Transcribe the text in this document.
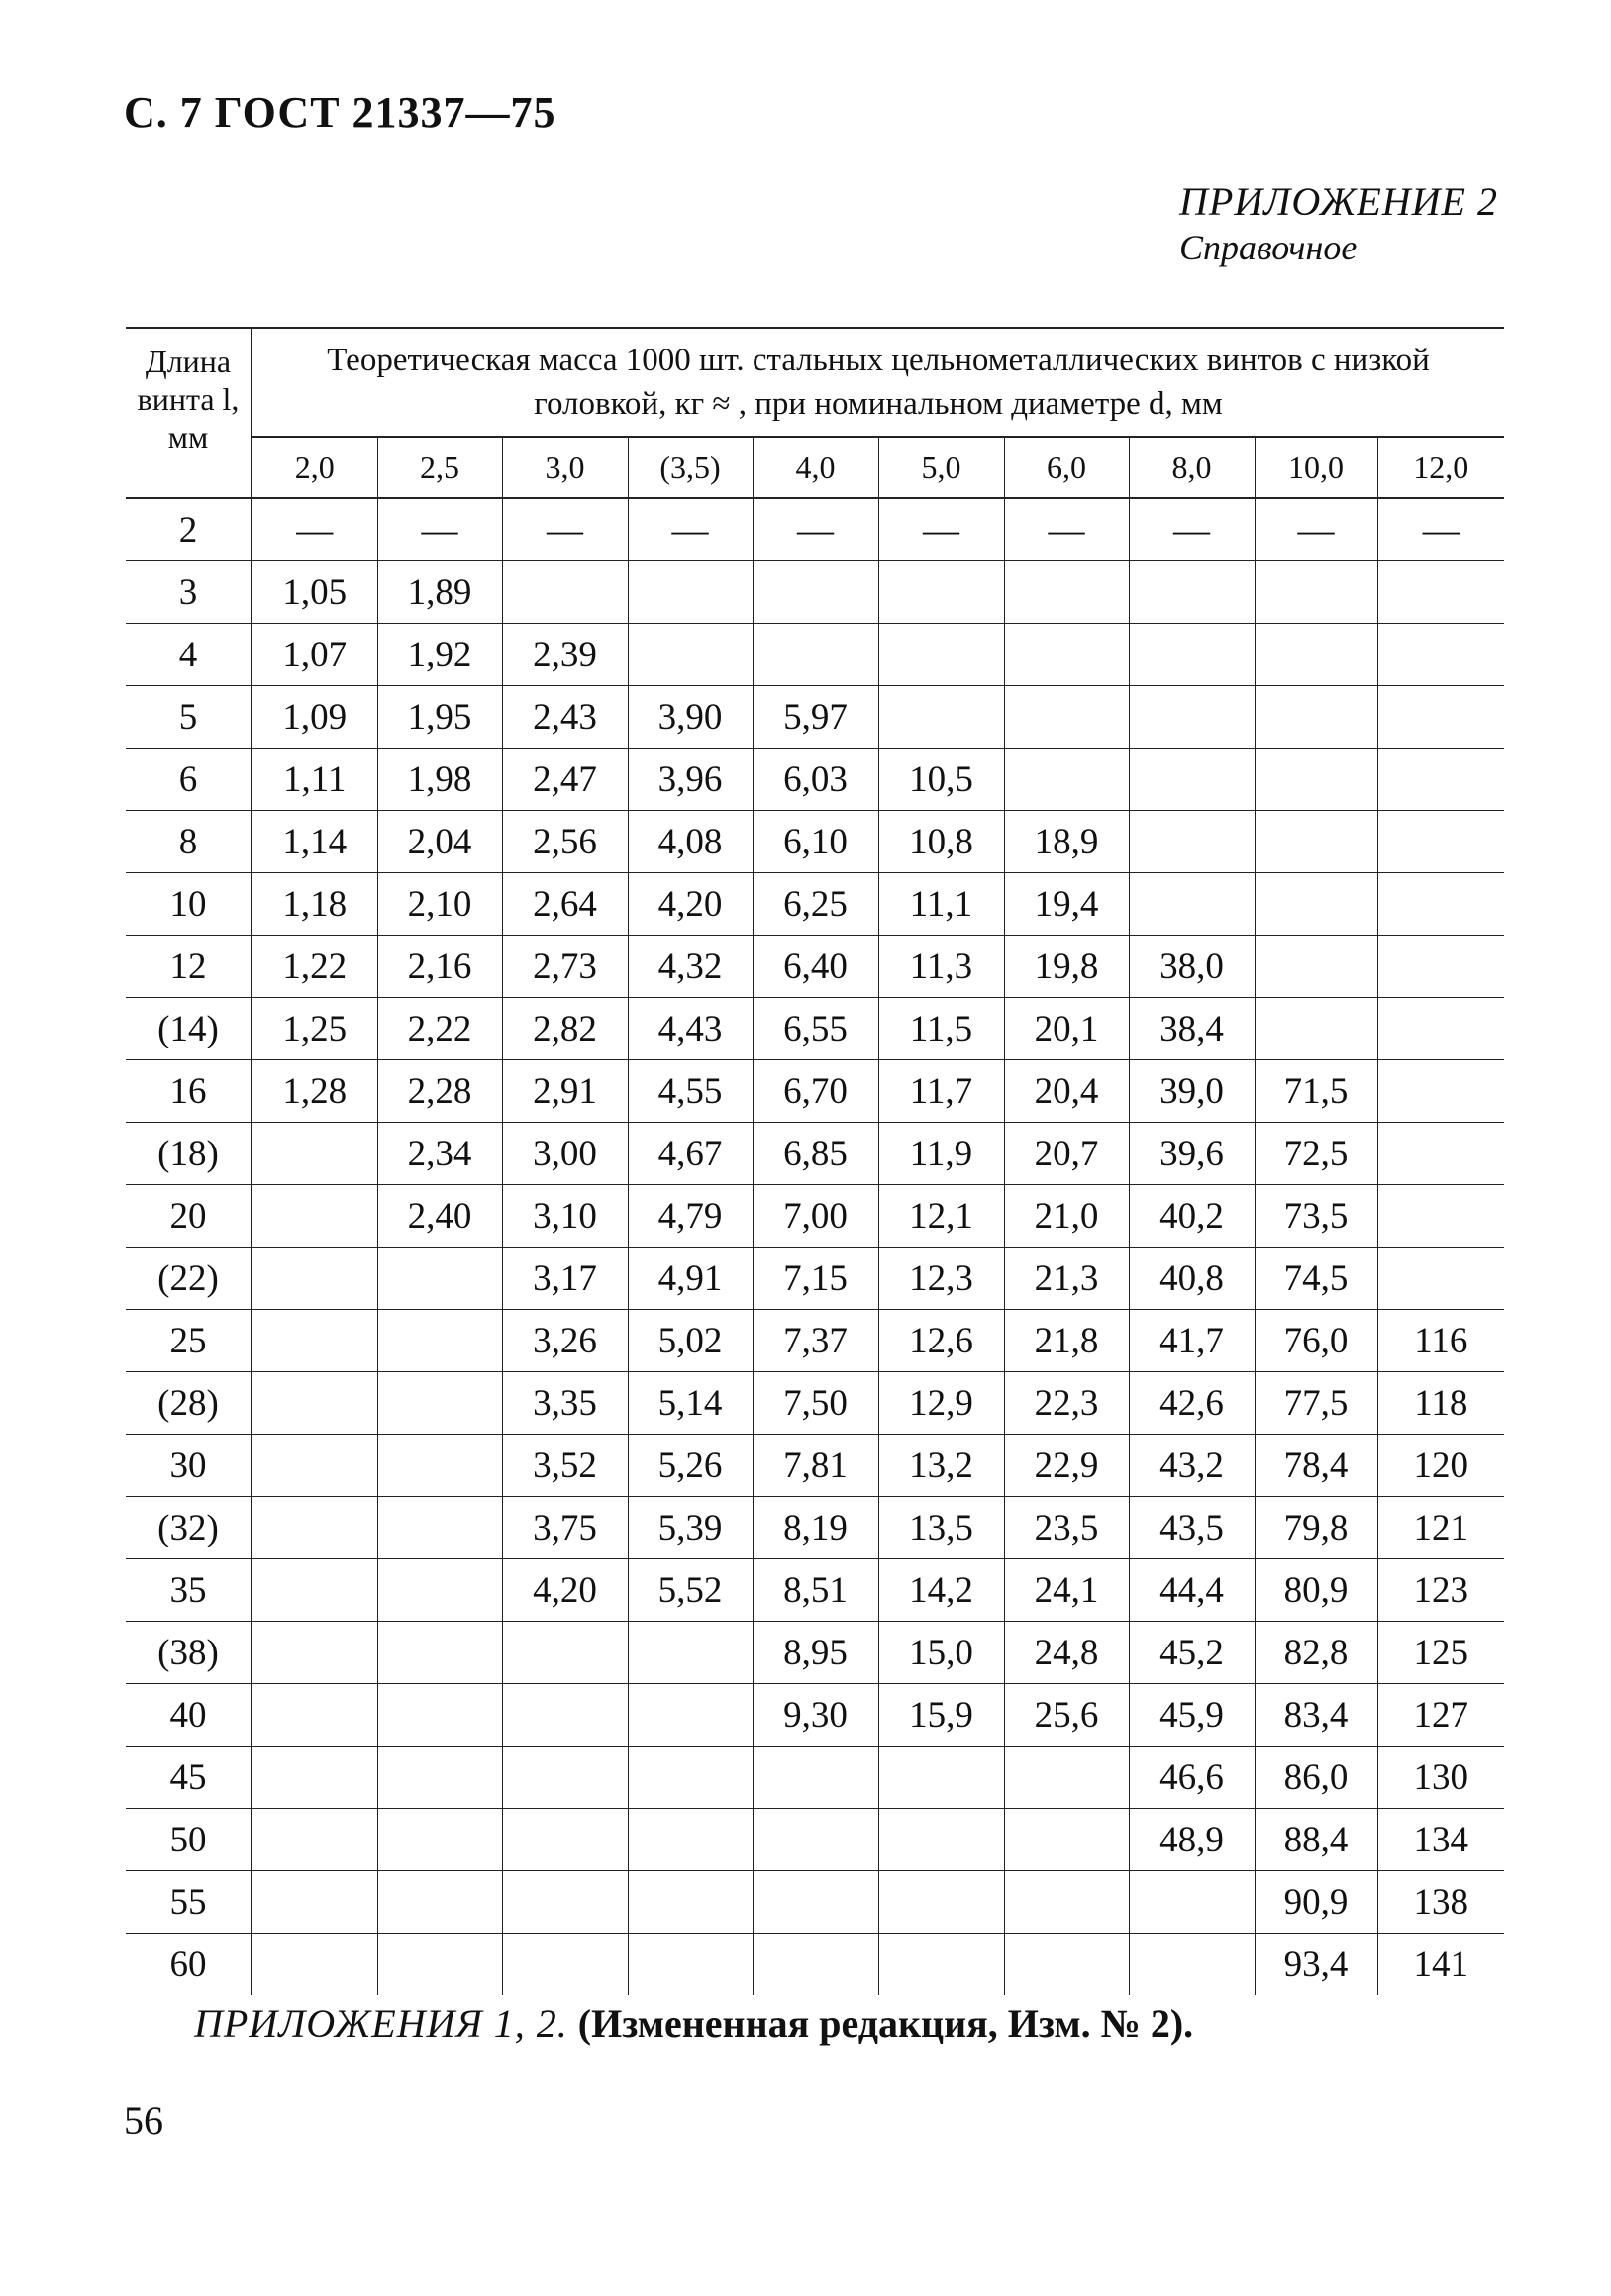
С. 7 ГОСТ 21337—75
ПРИЛОЖЕНИЕ 2
Справочное
Длина винта l, мм	Теоретическая масса 1000 шт. стальных цельнометаллических винтов с низкой головкой, кг ≈ , при номинальном диаметре d, мм									
	2,0	2,5	3,0	(3,5)	4,0	5,0	6,0	8,0	10,0	12,0
2	—	—	—	—	—	—	—	—	—	—
3	1,05	1,89								
4	1,07	1,92	2,39							
5	1,09	1,95	2,43	3,90	5,97					
6	1,11	1,98	2,47	3,96	6,03	10,5				
8	1,14	2,04	2,56	4,08	6,10	10,8	18,9			
10	1,18	2,10	2,64	4,20	6,25	11,1	19,4			
12	1,22	2,16	2,73	4,32	6,40	11,3	19,8	38,0		
(14)	1,25	2,22	2,82	4,43	6,55	11,5	20,1	38,4		
16	1,28	2,28	2,91	4,55	6,70	11,7	20,4	39,0	71,5	
(18)		2,34	3,00	4,67	6,85	11,9	20,7	39,6	72,5	
20		2,40	3,10	4,79	7,00	12,1	21,0	40,2	73,5	
(22)			3,17	4,91	7,15	12,3	21,3	40,8	74,5	
25			3,26	5,02	7,37	12,6	21,8	41,7	76,0	116
(28)			3,35	5,14	7,50	12,9	22,3	42,6	77,5	118
30			3,52	5,26	7,81	13,2	22,9	43,2	78,4	120
(32)			3,75	5,39	8,19	13,5	23,5	43,5	79,8	121
35			4,20	5,52	8,51	14,2	24,1	44,4	80,9	123
(38)					8,95	15,0	24,8	45,2	82,8	125
40					9,30	15,9	25,6	45,9	83,4	127
45								46,6	86,0	130
50								48,9	88,4	134
55									90,9	138
60									93,4	141
ПРИЛОЖЕНИЯ 1, 2. (Измененная редакция, Изм. № 2).
56
